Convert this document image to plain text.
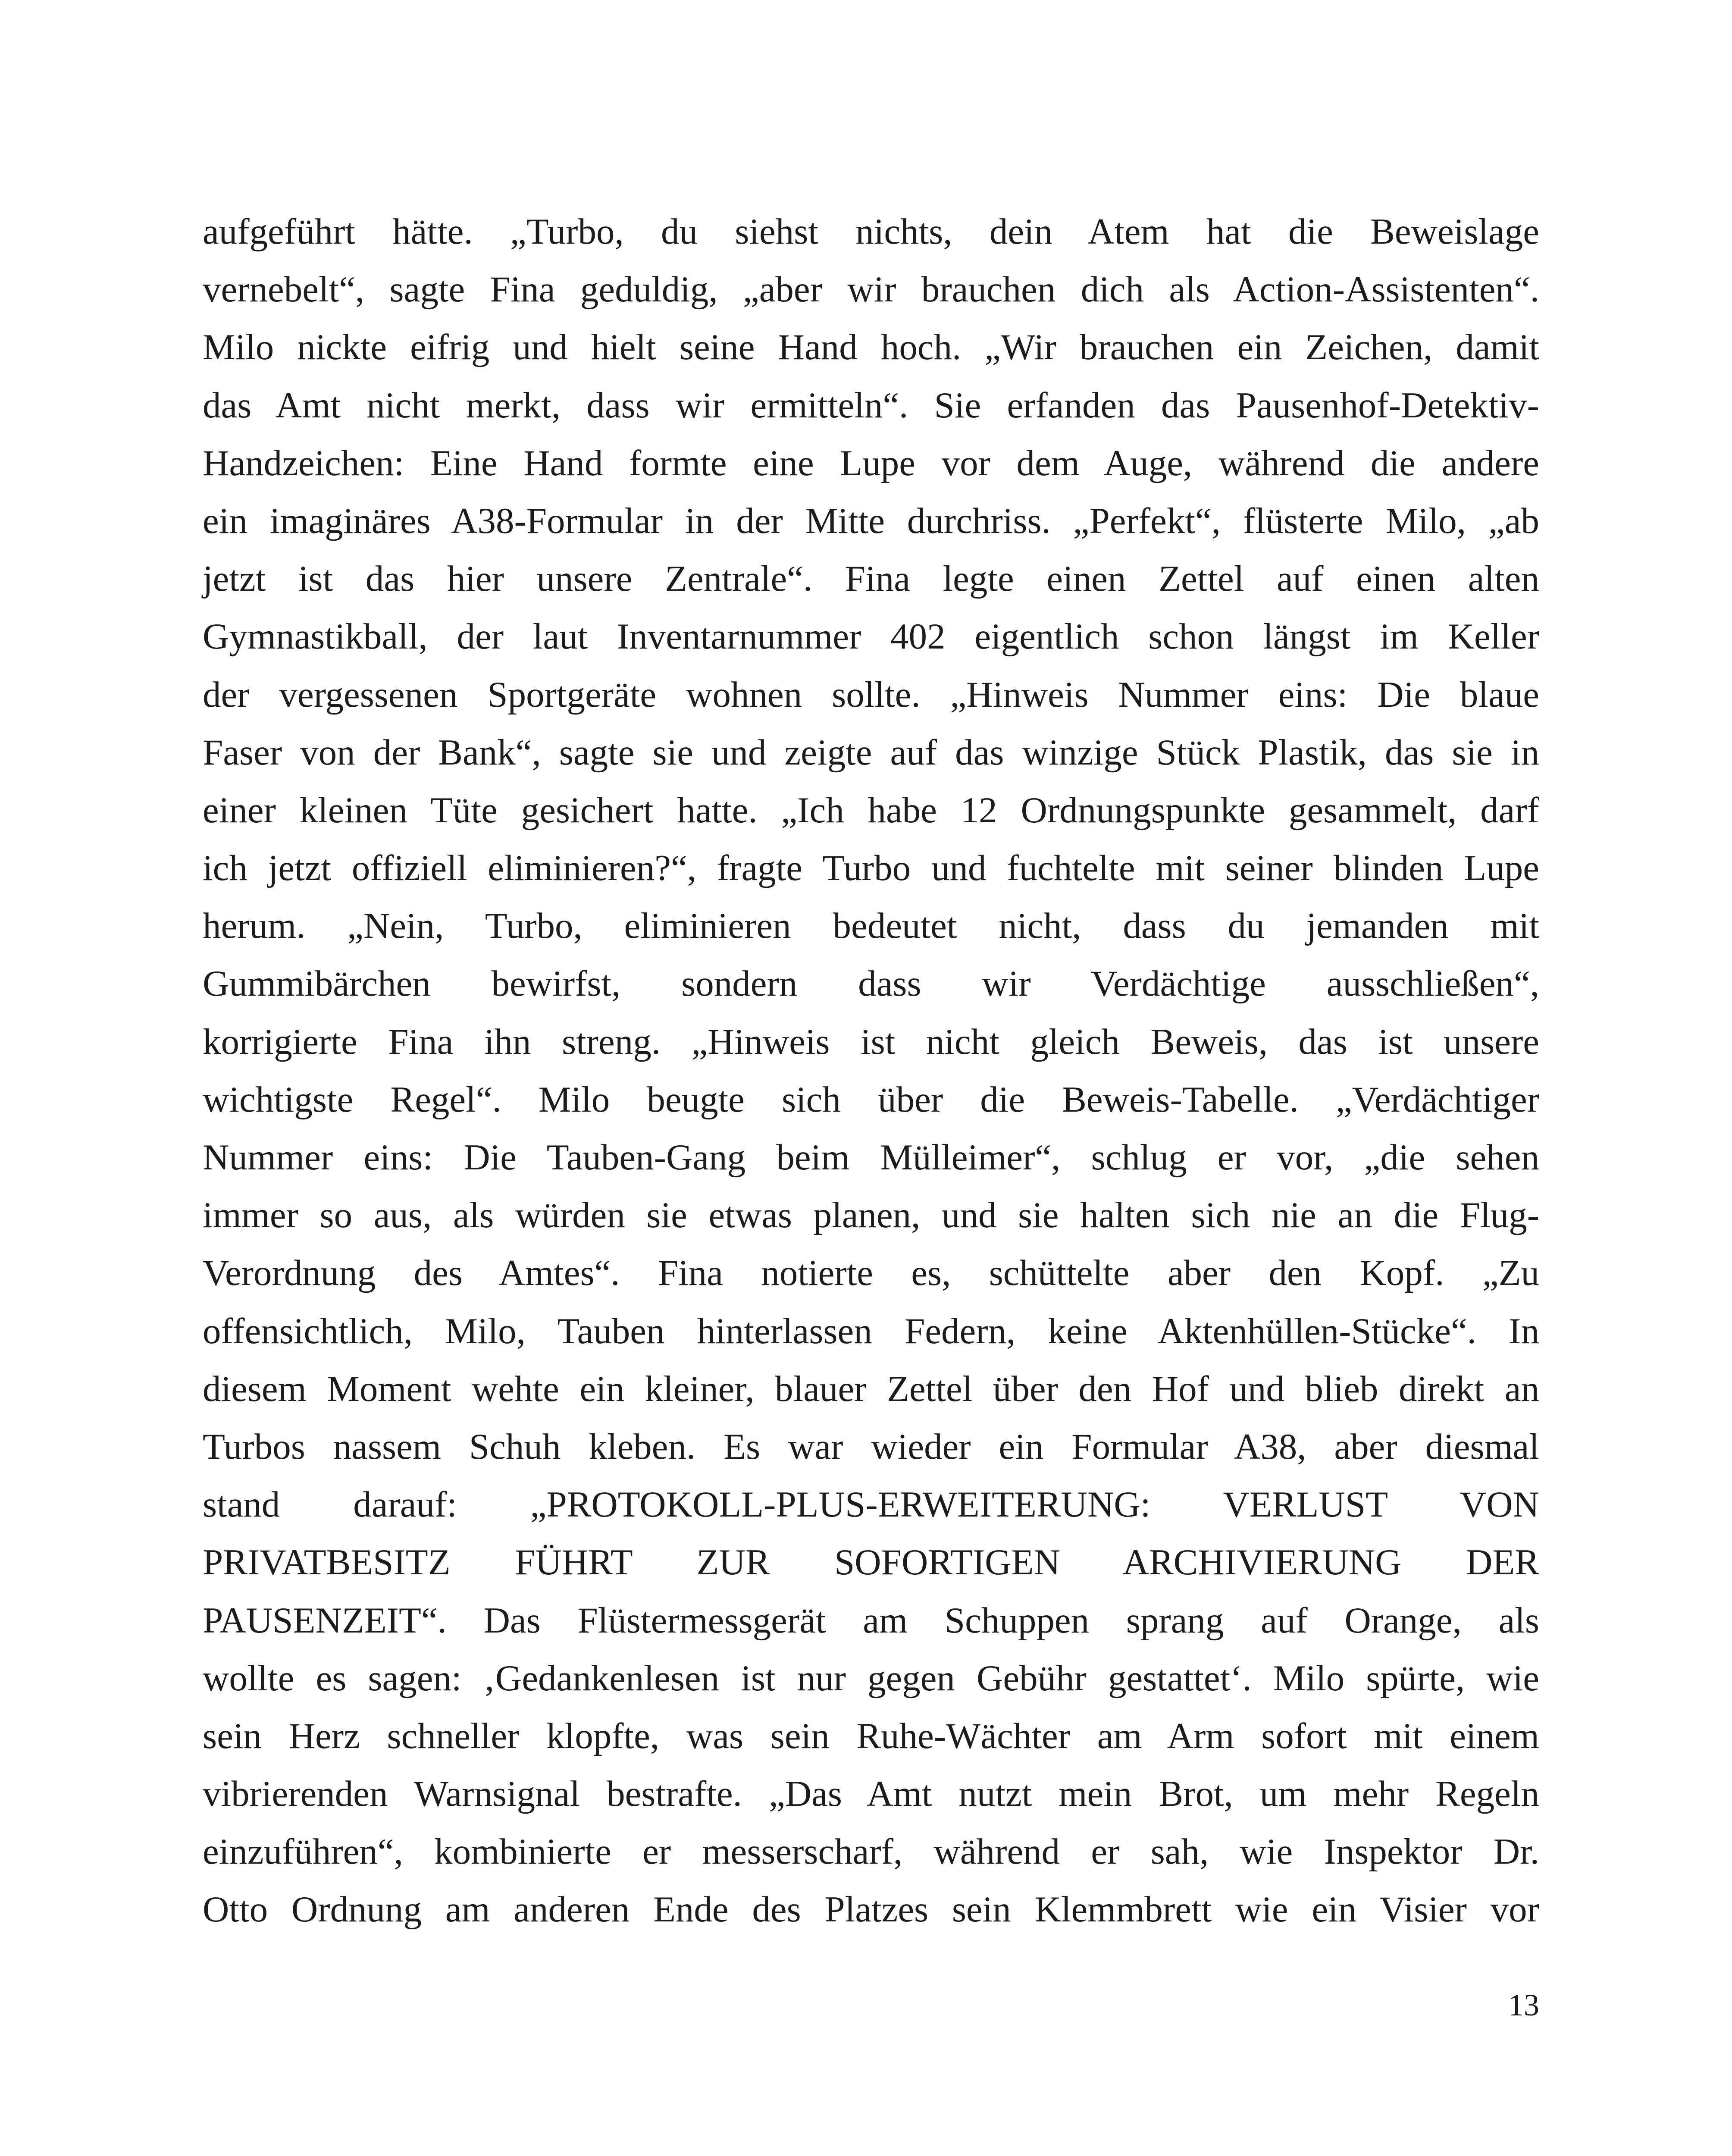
aufgeführt hätte. „Turbo, du siehst nichts, dein Atem hat die Beweislage
vernebelt“, sagte Fina geduldig, „aber wir brauchen dich als Action-Assistenten“.
Milo nickte eifrig und hielt seine Hand hoch. „Wir brauchen ein Zeichen, damit
das Amt nicht merkt, dass wir ermitteln“. Sie erfanden das Pausenhof-Detektiv-
Handzeichen: Eine Hand formte eine Lupe vor dem Auge, während die andere
ein imaginäres A38-Formular in der Mitte durchriss. „Perfekt“, flüsterte Milo, „ab
jetzt ist das hier unsere Zentrale“. Fina legte einen Zettel auf einen alten
Gymnastikball, der laut Inventarnummer 402 eigentlich schon längst im Keller
der vergessenen Sportgeräte wohnen sollte. „Hinweis Nummer eins: Die blaue
Faser von der Bank“, sagte sie und zeigte auf das winzige Stück Plastik, das sie in
einer kleinen Tüte gesichert hatte. „Ich habe 12 Ordnungspunkte gesammelt, darf
ich jetzt offiziell eliminieren?“, fragte Turbo und fuchtelte mit seiner blinden Lupe
herum. „Nein, Turbo, eliminieren bedeutet nicht, dass du jemanden mit
Gummibärchen bewirfst, sondern dass wir Verdächtige ausschließen“,
korrigierte Fina ihn streng. „Hinweis ist nicht gleich Beweis, das ist unsere
wichtigste Regel“. Milo beugte sich über die Beweis-Tabelle. „Verdächtiger
Nummer eins: Die Tauben-Gang beim Mülleimer“, schlug er vor, „die sehen
immer so aus, als würden sie etwas planen, und sie halten sich nie an die Flug-
Verordnung des Amtes“. Fina notierte es, schüttelte aber den Kopf. „Zu
offensichtlich, Milo, Tauben hinterlassen Federn, keine Aktenhüllen-Stücke“. In
diesem Moment wehte ein kleiner, blauer Zettel über den Hof und blieb direkt an
Turbos nassem Schuh kleben. Es war wieder ein Formular A38, aber diesmal
stand darauf: „PROTOKOLL-PLUS-ERWEITERUNG: VERLUST VON
PRIVATBESITZ FÜHRT ZUR SOFORTIGEN ARCHIVIERUNG DER
PAUSENZEIT“. Das Flüstermessgerät am Schuppen sprang auf Orange, als
wollte es sagen: ‚Gedankenlesen ist nur gegen Gebühr gestattet‘. Milo spürte, wie
sein Herz schneller klopfte, was sein Ruhe-Wächter am Arm sofort mit einem
vibrierenden Warnsignal bestrafte. „Das Amt nutzt mein Brot, um mehr Regeln
einzuführen“, kombinierte er messerscharf, während er sah, wie Inspektor Dr.
Otto Ordnung am anderen Ende des Platzes sein Klemmbrett wie ein Visier vor
13
